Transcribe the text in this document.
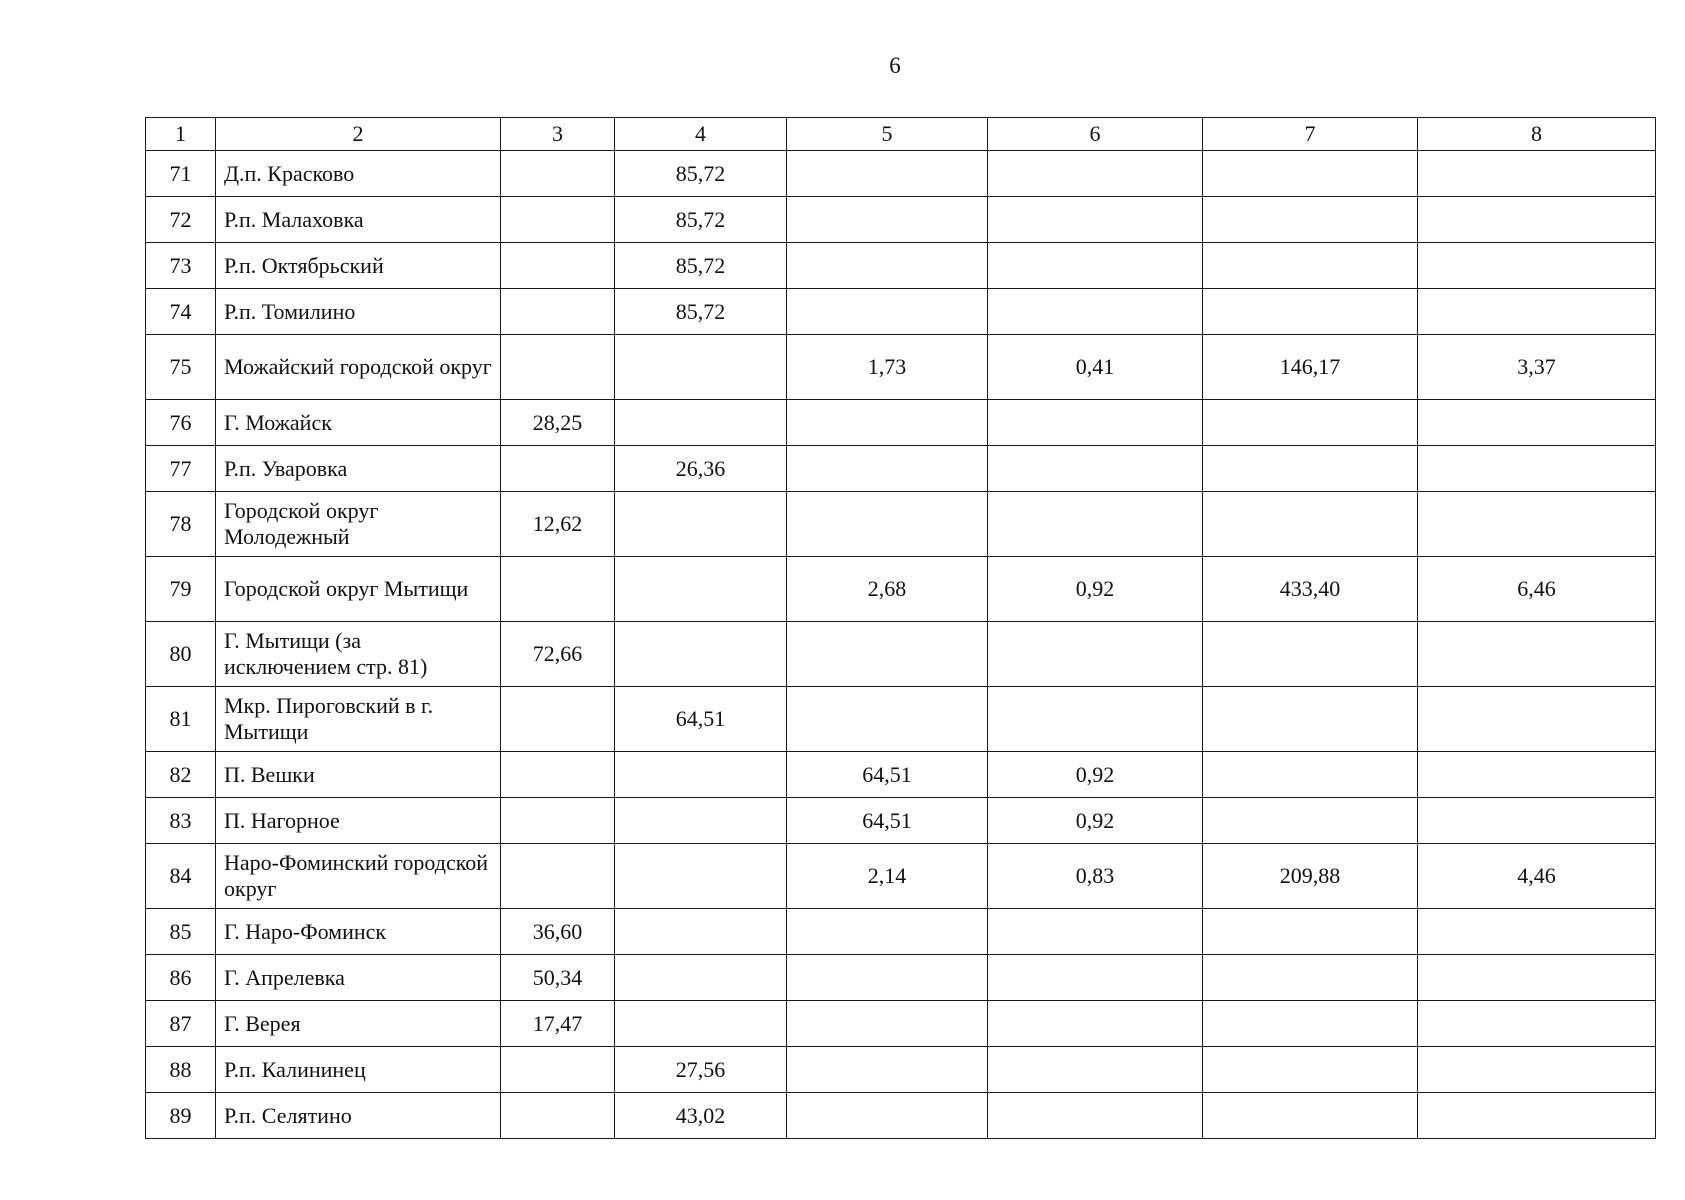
6
1	2	3	4	5	6	7	8
71	Д.п. Красково		85,72				
72	Р.п. Малаховка		85,72				
73	Р.п. Октябрьский		85,72				
74	Р.п. Томилино		85,72				
75	Можайский городской округ			1,73	0,41	146,17	3,37
76	Г. Можайск	28,25					
77	Р.п. Уваровка		26,36				
78	Городской округ Молодежный	12,62					
79	Городской округ Мытищи			2,68	0,92	433,40	6,46
80	Г. Мытищи (за исключением стр. 81)	72,66					
81	Мкр. Пироговский в г. Мытищи		64,51				
82	П. Вешки			64,51	0,92		
83	П. Нагорное			64,51	0,92		
84	Наро-Фоминский городской округ			2,14	0,83	209,88	4,46
85	Г. Наро-Фоминск	36,60					
86	Г. Апрелевка	50,34					
87	Г. Верея	17,47					
88	Р.п. Калининец		27,56				
89	Р.п. Селятино		43,02				
